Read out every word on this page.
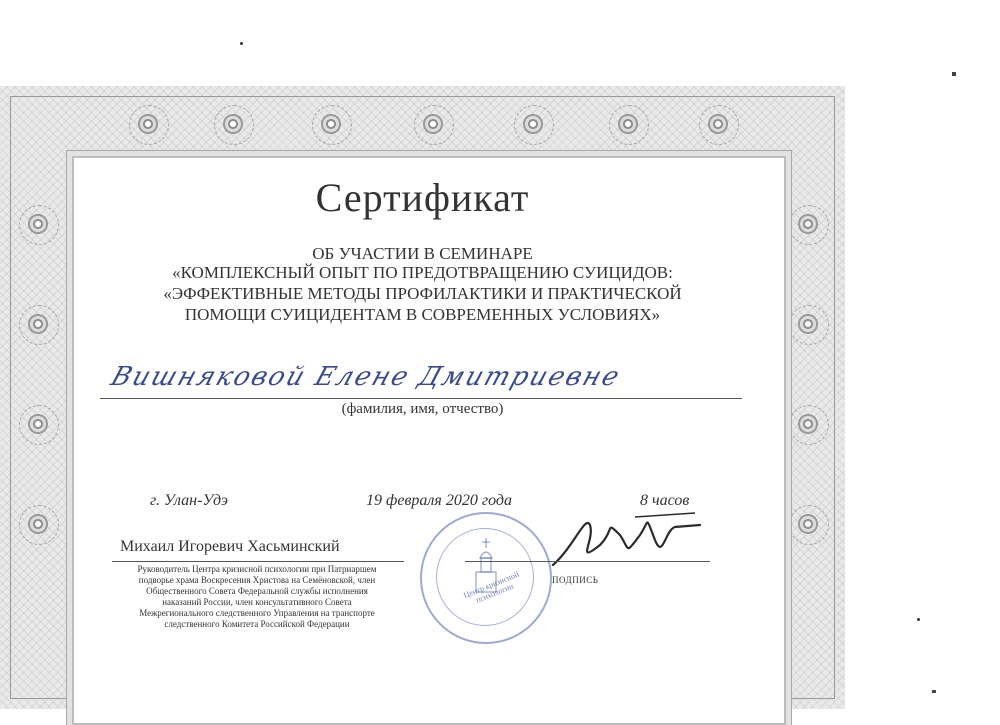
Сертификат
ОБ УЧАСТИИ В СЕМИНАРЕ
«КОМПЛЕКСНЫЙ ОПЫТ ПО ПРЕДОТВРАЩЕНИЮ СУИЦИДОВ:
«ЭФФЕКТИВНЫЕ МЕТОДЫ ПРОФИЛАКТИКИ И ПРАКТИЧЕСКОЙ
ПОМОЩИ СУИЦИДЕНТАМ В СОВРЕМЕННЫХ УСЛОВИЯХ»
Вишняковой Елене Дмитриевне
(фамилия, имя, отчество)
г. Улан-Удэ	19 февраля 2020 года	8 часов
Михаил Игоревич Хасьминский
Руководитель Центра кризисной психологии при Патриаршем
подворье храма Воскресения Христова на Семёновской, член
Общественного Совета Федеральной службы исполнения
наказаний России, член консультативного Совета
Межрегионального следственного Управления на транспорте
следственного Комитета Российской Федерации
Центр кризисной психологии
ПОДПИСЬ
